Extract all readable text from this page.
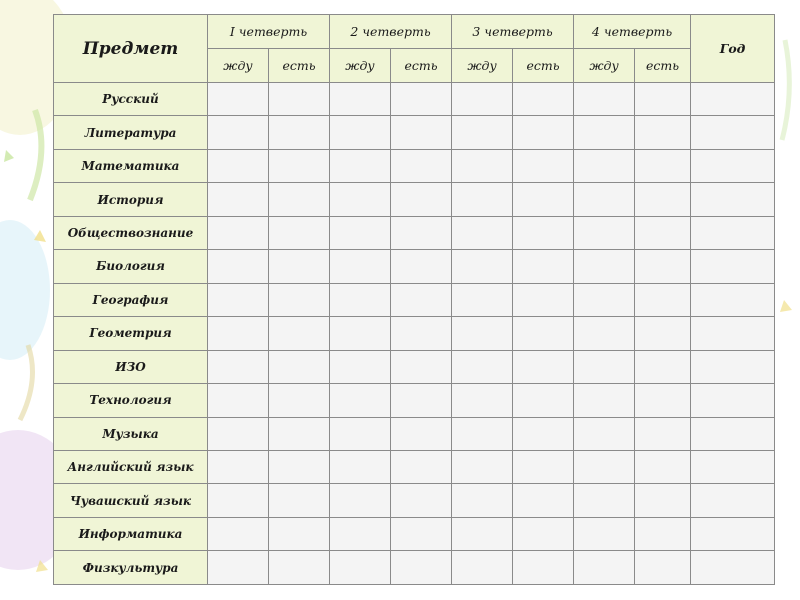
Предмет	I четверть		2 четверть		3 четверть		4 четверть		Год
	жду	есть	жду	есть	жду	есть	жду	есть	
Русский									
Литература									
Математика									
История									
Обществознание									
Биология									
География									
Геометрия									
ИЗО									
Технология									
Музыка									
Английский язык									
Чувашский язык									
Информатика									
Физкультура									
